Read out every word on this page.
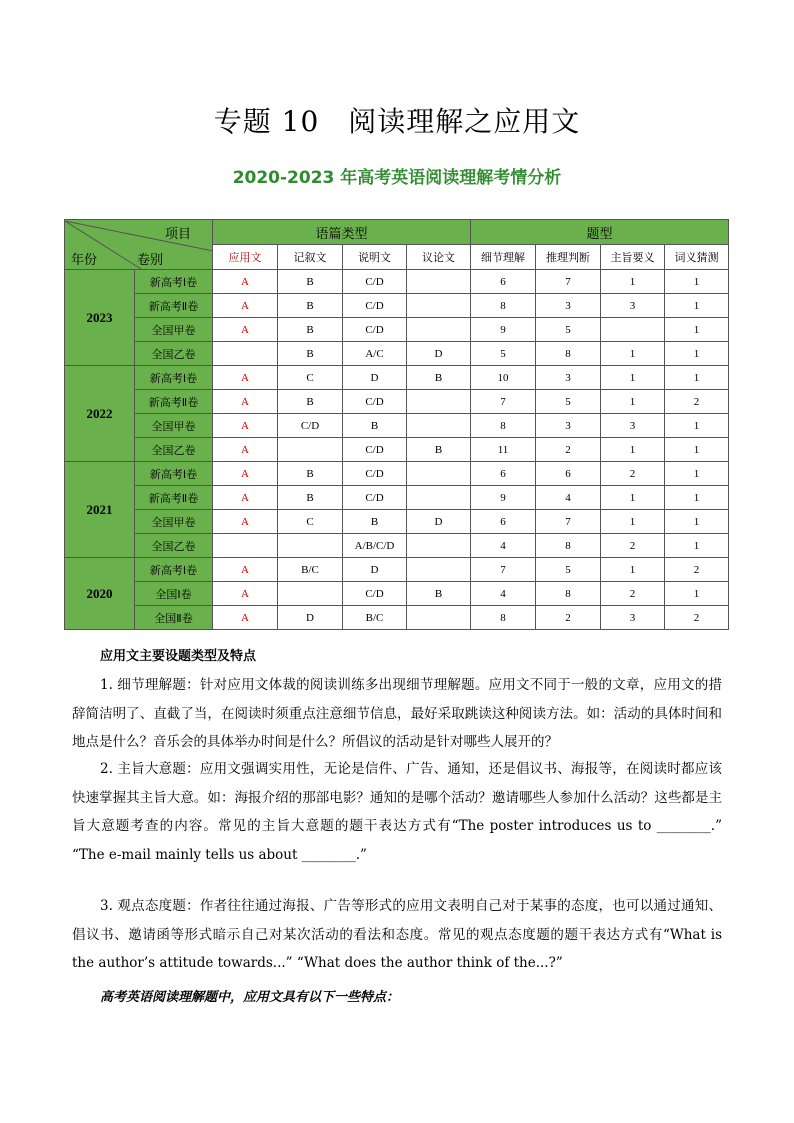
专题 10　阅读理解之应用文
2020-2023 年高考英语阅读理解考情分析
项目
卷别
年份		语篇类型				题型			
		应用文	记叙文	说明文	议论文	细节理解	推理判断	主旨要义	词义猜测
2023	新高考Ⅰ卷	A	B	C/D		6	7	1	1
	新高考Ⅱ卷	A	B	C/D		8	3	3	1
	全国甲卷	A	B	C/D		9	5		1
	全国乙卷		B	A/C	D	5	8	1	1
2022	新高考Ⅰ卷	A	C	D	B	10	3	1	1
	新高考Ⅱ卷	A	B	C/D		7	5	1	2
	全国甲卷	A	C/D	B		8	3	3	1
	全国乙卷	A		C/D	B	11	2	1	1
2021	新高考Ⅰ卷	A	B	C/D		6	6	2	1
	新高考Ⅱ卷	A	B	C/D		9	4	1	1
	全国甲卷	A	C	B	D	6	7	1	1
	全国乙卷			A/B/C/D		4	8	2	1
2020	新高考Ⅰ卷	A	B/C	D		7	5	1	2
	全国Ⅰ卷	A		C/D	B	4	8	2	1
	全国Ⅱ卷	A	D	B/C		8	2	3	2
应用文主要设题类型及特点
1. 细节理解题：针对应用文体裁的阅读训练多出现细节理解题。应用文不同于一般的文章，应用文的措辞简洁明了、直截了当，在阅读时须重点注意细节信息，最好采取跳读这种阅读方法。如：活动的具体时间和地点是什么？音乐会的具体举办时间是什么？所倡议的活动是针对哪些人展开的？
2. 主旨大意题：应用文强调实用性，无论是信件、广告、通知，还是倡议书、海报等，在阅读时都应该快速掌握其主旨大意。如：海报介绍的那部电影？通知的是哪个活动？邀请哪些人参加什么活动？这些都是主旨大意题考查的内容。常见的主旨大意题的题干表达方式有“The poster introduces us to ________.” “The e-mail mainly tells us about ________.”
3. 观点态度题：作者往往通过海报、广告等形式的应用文表明自己对于某事的态度，也可以通过通知、倡议书、邀请函等形式暗示自己对某次活动的看法和态度。常见的观点态度题的题干表达方式有“What is the author’s attitude towards...” “What does the author think of the...?”
高考英语阅读理解题中，应用文具有以下一些特点：
